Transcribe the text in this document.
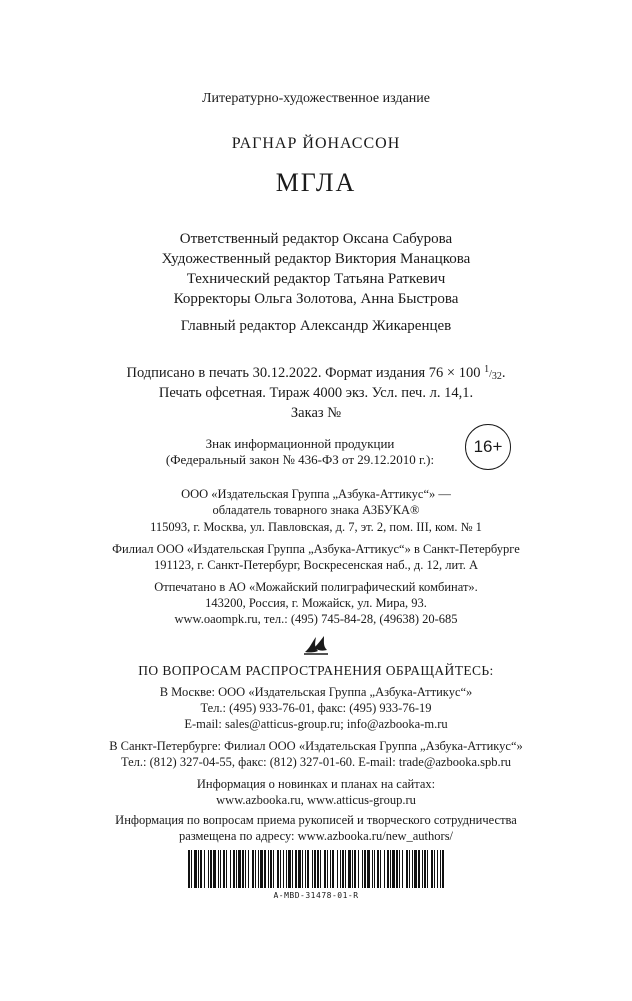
Литературно-художественное издание
РАГНАР ЙОНАССОН
МГЛА
Ответственный редактор Оксана Сабурова
Художественный редактор Виктория Манацкова
Технический редактор Татьяна Раткевич
Корректоры Ольга Золотова, Анна Быстрова
Главный редактор Александр Жикаренцев
Подписано в печать 30.12.2022. Формат издания 76 × 100 1/32.
Печать офсетная. Тираж 4000 экз. Усл. печ. л. 14,1.
Заказ №
Знак информационной продукции
(Федеральный закон № 436-ФЗ от 29.12.2010 г.):
16+
ООО «Издательская Группа „Азбука-Аттикус“» —
обладатель товарного знака АЗБУКА®
115093, г. Москва, ул. Павловская, д. 7, эт. 2, пом. III, ком. № 1
Филиал ООО «Издательская Группа „Азбука-Аттикус“» в Санкт-Петербурге
191123, г. Санкт-Петербург, Воскресенская наб., д. 12, лит. А
Отпечатано в АО «Можайский полиграфический комбинат».
143200, Россия, г. Можайск, ул. Мира, 93.
www.oaompk.ru, тел.: (495) 745-84-28, (49638) 20-685
ПО ВОПРОСАМ РАСПРОСТРАНЕНИЯ ОБРАЩАЙТЕСЬ:
В Москве: ООО «Издательская Группа „Азбука-Аттикус“»
Тел.: (495) 933-76-01, факс: (495) 933-76-19
E-mail: sales@atticus-group.ru; info@azbooka-m.ru
В Санкт-Петербурге: Филиал ООО «Издательская Группа „Азбука-Аттикус“»
Тел.: (812) 327-04-55, факс: (812) 327-01-60. E-mail: trade@azbooka.spb.ru
Информация о новинках и планах на сайтах:
www.azbooka.ru, www.atticus-group.ru
Информация по вопросам приема рукописей и творческого сотрудничества
размещена по адресу: www.azbooka.ru/new_authors/
A-MBD-31478-01-R
